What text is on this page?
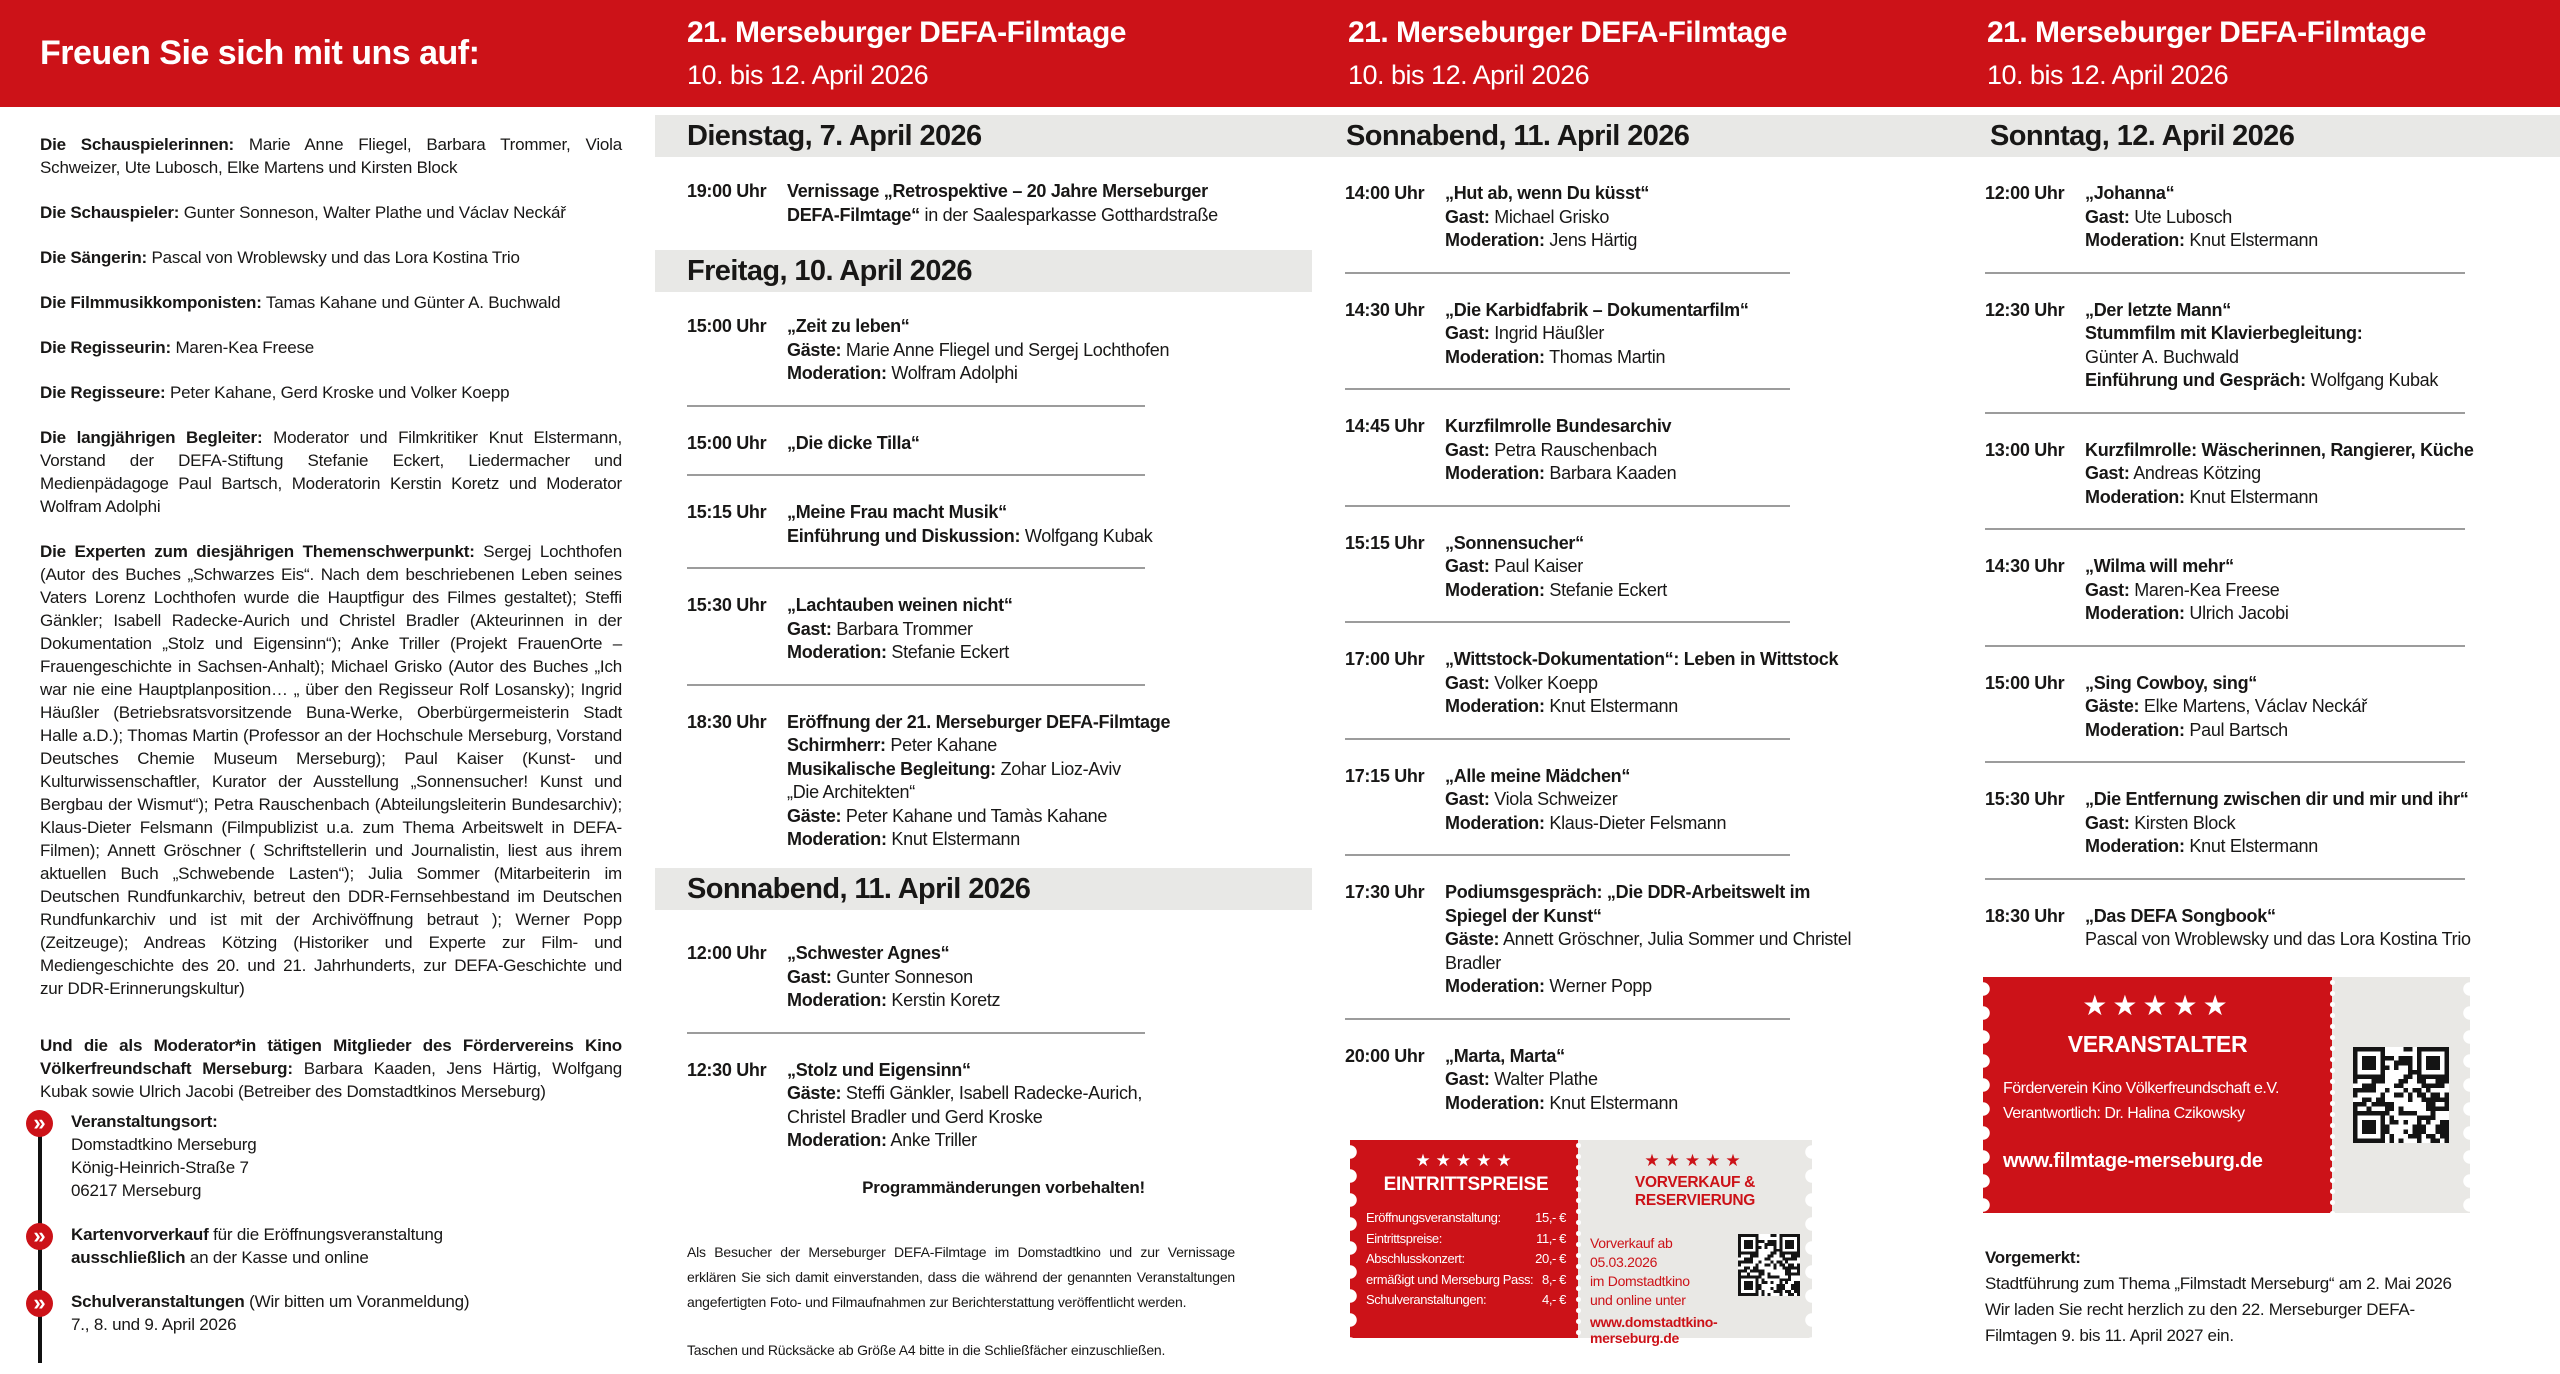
Freuen Sie sich mit uns auf:
21. Merseburger DEFA-Filmtage
10. bis 12. April 2026
21. Merseburger DEFA-Filmtage
10. bis 12. April 2026
21. Merseburger DEFA-Filmtage
10. bis 12. April 2026
Dienstag, 7. April 2026	Sonnabend, 11. April 2026	Sonntag, 12. April 2026
Freitag, 10. April 2026
Sonnabend, 11. April 2026

Die Schauspielerinnen: Marie Anne Fliegel, Barbara Trommer, Viola Schweizer, Ute Lubosch, Elke Martens und Kirsten Block

Die Schauspieler: Gunter Sonneson, Walter Plathe und Václav Neckář

Die Sängerin: Pascal von Wroblewsky und das Lora Kostina Trio

Die Filmmusikkomponisten: Tamas Kahane und Günter A. Buchwald

Die Regisseurin: Maren-Kea Freese

Die Regisseure: Peter Kahane, Gerd Kroske und Volker Koepp

Die langjährigen Begleiter: Moderator und Filmkritiker Knut Elstermann, Vorstand der DEFA-Stiftung Stefanie Eckert, Liedermacher und Medienpädagoge Paul Bartsch, Moderatorin Kerstin Koretz und Moderator Wolfram Adolphi

Die Experten zum diesjährigen Themenschwerpunkt: Sergej Lochthofen (Autor des Buches „Schwarzes Eis“. Nach dem beschriebenen Leben seines Vaters Lorenz Lochthofen wurde die Hauptfigur des Filmes gestaltet); Steffi Gänkler; Isabell Radecke-Aurich und Christel Bradler (Akteurinnen in der Dokumentation „Stolz und Eigensinn“); Anke Triller (Projekt FrauenOrte – Frauengeschichte in Sachsen-Anhalt); Michael Grisko (Autor des Buches „Ich war nie eine Hauptplanposition… „ über den Regisseur Rolf Losansky); Ingrid Häußler (Betriebsratsvorsitzende Buna-Werke, Oberbürgermeisterin Stadt Halle a.D.); Thomas Martin (Professor an der Hochschule Merseburg, Vorstand Deutsches Chemie Museum Merseburg); Paul Kaiser (Kunst- und Kulturwissenschaftler, Kurator der Ausstellung „Sonnensucher! Kunst und Bergbau der Wismut“); Petra Rauschenbach (Abteilungsleiterin Bundesarchiv); Klaus-Dieter Felsmann (Filmpublizist u.a. zum Thema Arbeitswelt in DEFA-Filmen); Annett Gröschner ( Schriftstellerin und Journalistin, liest aus ihrem aktuellen Buch „Schwebende Lasten“); Julia Sommer (Mitarbeiterin im Deutschen Rundfunkarchiv, betreut den DDR-Fernsehbestand im Deutschen Rundfunkarchiv und ist mit der Archivöffnung betraut ); Werner Popp (Zeitzeuge); Andreas Kötzing (Historiker und Experte zur Film- und Mediengeschichte des 20. und 21. Jahrhunderts, zur DEFA-Geschichte und zur DDR-Erinnerungskultur)

Und die als Moderator*in tätigen Mitglieder des Fördervereins Kino Völkerfreundschaft Merseburg: Barbara Kaaden, Jens Härtig, Wolfgang Kubak sowie Ulrich Jacobi (Betreiber des Domstadtkinos Merseburg)

»	Veranstaltungsort:
Domstadtkino Merseburg
König-Heinrich-Straße 7
06217 Merseburg
»	Kartenvorverkauf für die Eröffnungsveranstaltung
ausschließlich an der Kasse und online
»	Schulveranstaltungen (Wir bitten um Voranmeldung)
7., 8. und 9. April 2026
19:00 Uhr	Vernissage „Retrospektive – 20 Jahre Merseburger
DEFA-Filmtage“ in der Saalesparkasse Gotthardstraße
15:00 Uhr	„Zeit zu leben“
Gäste: Marie Anne Fliegel und Sergej Lochthofen
Moderation: Wolfram Adolphi
15:00 Uhr	„Die dicke Tilla“
15:15 Uhr	„Meine Frau macht Musik“
Einführung und Diskussion: Wolfgang Kubak
15:30 Uhr	„Lachtauben weinen nicht“
Gast: Barbara Trommer
Moderation: Stefanie Eckert
18:30 Uhr	Eröffnung der 21. Merseburger DEFA-Filmtage
Schirmherr: Peter Kahane
Musikalische Begleitung: Zohar Lioz-Aviv
„Die Architekten“
Gäste: Peter Kahane und Tamàs Kahane
Moderation: Knut Elstermann
12:00 Uhr	„Schwester Agnes“
Gast: Gunter Sonneson
Moderation: Kerstin Koretz
12:30 Uhr	„Stolz und Eigensinn“
Gäste: Steffi Gänkler, Isabell Radecke-Aurich,
Christel Bradler und Gerd Kroske
Moderation: Anke Triller
14:00 Uhr	„Hut ab, wenn Du küsst“
Gast: Michael Grisko
Moderation: Jens Härtig
14:30 Uhr	„Die Karbidfabrik – Dokumentarfilm“
Gast: Ingrid Häußler
Moderation: Thomas Martin
14:45 Uhr	Kurzfilmrolle Bundesarchiv
Gast: Petra Rauschenbach
Moderation: Barbara Kaaden
15:15 Uhr	„Sonnensucher“
Gast: Paul Kaiser
Moderation: Stefanie Eckert
17:00 Uhr	„Wittstock-Dokumentation“: Leben in Wittstock
Gast: Volker Koepp
Moderation: Knut Elstermann
17:15 Uhr	„Alle meine Mädchen“
Gast: Viola Schweizer
Moderation: Klaus-Dieter Felsmann
17:30 Uhr	Podiumsgespräch: „Die DDR-Arbeitswelt im
Spiegel der Kunst“
Gäste: Annett Gröschner, Julia Sommer und Christel
Bradler
Moderation: Werner Popp
20:00 Uhr	„Marta, Marta“
Gast: Walter Plathe
Moderation: Knut Elstermann
12:00 Uhr	„Johanna“
Gast: Ute Lubosch
Moderation: Knut Elstermann
12:30 Uhr	„Der letzte Mann“
Stummfilm mit Klavierbegleitung:
Günter A. Buchwald
Einführung und Gespräch: Wolfgang Kubak
13:00 Uhr	Kurzfilmrolle: Wäscherinnen, Rangierer, Küche
Gast: Andreas Kötzing
Moderation: Knut Elstermann
14:30 Uhr	„Wilma will mehr“
Gast: Maren-Kea Freese
Moderation: Ulrich Jacobi
15:00 Uhr	„Sing Cowboy, sing“
Gäste: Elke Martens, Václav Neckář
Moderation: Paul Bartsch
15:30 Uhr	„Die Entfernung zwischen dir und mir und ihr“
Gast: Kirsten Block
Moderation: Knut Elstermann
18:30 Uhr	„Das DEFA Songbook“
Pascal von Wroblewsky und das Lora Kostina Trio
Programmänderungen vorbehalten!
Als Besucher der Merseburger DEFA-Filmtage im Domstadtkino und zur Vernissage erklären Sie sich damit einverstanden, dass die während der genannten Veranstaltungen angefertigten Foto- und Filmaufnahmen zur Berichterstattung veröffentlicht werden.
Taschen und Rücksäcke ab Größe A4 bitte in die Schließfächer einzuschließen.
★★★★★
EINTRITTSPREISE
Eröffnungsveranstaltung:	15,- €
Eintrittspreise:	11,- €
Abschlusskonzert:	20,- €
ermäßigt und Merseburg Pass: 8,- €
Schulveranstaltungen:	4,- €
★★★★★
VORVERKAUF & RESERVIERUNG
Vorverkauf ab 05.03.2026
im Domstadtkino
und online unter
www.domstadtkino-merseburg.de
★★★★★
VERANSTALTER
Förderverein Kino Völkerfreundschaft e.V.
Verantwortlich: Dr. Halina Czikowsky
www.filmtage-merseburg.de
Vorgemerkt:
Stadtführung zum Thema „Filmstadt Merseburg“ am 2. Mai 2026
Wir laden Sie recht herzlich zu den 22. Merseburger DEFA-Filmtagen 9. bis 11. April 2027 ein.
